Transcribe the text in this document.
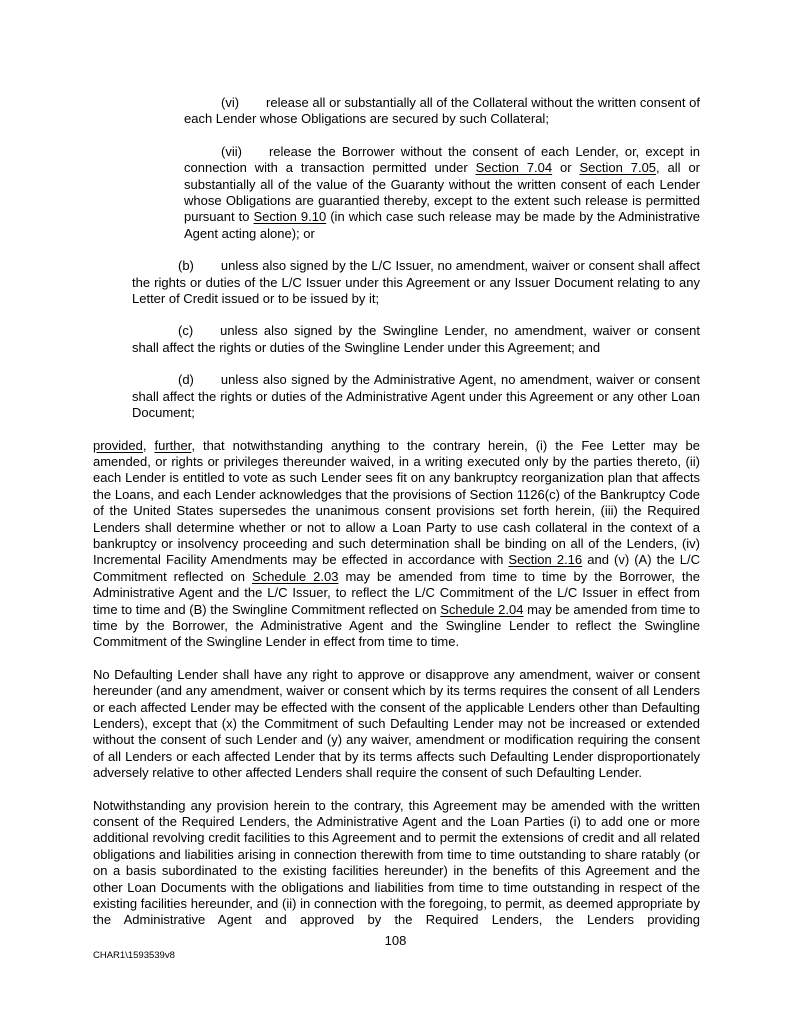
(vi) release all or substantially all of the Collateral without the written consent of each Lender whose Obligations are secured by such Collateral;

(vii) release the Borrower without the consent of each Lender, or, except in connection with a transaction permitted under Section 7.04 or Section 7.05, all or substantially all of the value of the Guaranty without the written consent of each Lender whose Obligations are guarantied thereby, except to the extent such release is permitted pursuant to Section 9.10 (in which case such release may be made by the Administrative Agent acting alone); or

(b) unless also signed by the L/C Issuer, no amendment, waiver or consent shall affect the rights or duties of the L/C Issuer under this Agreement or any Issuer Document relating to any Letter of Credit issued or to be issued by it;

(c) unless also signed by the Swingline Lender, no amendment, waiver or consent shall affect the rights or duties of the Swingline Lender under this Agreement; and

(d) unless also signed by the Administrative Agent, no amendment, waiver or consent shall affect the rights or duties of the Administrative Agent under this Agreement or any other Loan Document;

provided, further, that notwithstanding anything to the contrary herein, (i) the Fee Letter may be amended, or rights or privileges thereunder waived, in a writing executed only by the parties thereto, (ii) each Lender is entitled to vote as such Lender sees fit on any bankruptcy reorganization plan that affects the Loans, and each Lender acknowledges that the provisions of Section 1126(c) of the Bankruptcy Code of the United States supersedes the unanimous consent provisions set forth herein, (iii) the Required Lenders shall determine whether or not to allow a Loan Party to use cash collateral in the context of a bankruptcy or insolvency proceeding and such determination shall be binding on all of the Lenders, (iv) Incremental Facility Amendments may be effected in accordance with Section 2.16 and (v) (A) the L/C Commitment reflected on Schedule 2.03 may be amended from time to time by the Borrower, the Administrative Agent and the L/C Issuer, to reflect the L/C Commitment of the L/C Issuer in effect from time to time and (B) the Swingline Commitment reflected on Schedule 2.04 may be amended from time to time by the Borrower, the Administrative Agent and the Swingline Lender to reflect the Swingline Commitment of the Swingline Lender in effect from time to time.

No Defaulting Lender shall have any right to approve or disapprove any amendment, waiver or consent hereunder (and any amendment, waiver or consent which by its terms requires the consent of all Lenders or each affected Lender may be effected with the consent of the applicable Lenders other than Defaulting Lenders), except that (x) the Commitment of such Defaulting Lender may not be increased or extended without the consent of such Lender and (y) any waiver, amendment or modification requiring the consent of all Lenders or each affected Lender that by its terms affects such Defaulting Lender disproportionately adversely relative to other affected Lenders shall require the consent of such Defaulting Lender.

Notwithstanding any provision herein to the contrary, this Agreement may be amended with the written consent of the Required Lenders, the Administrative Agent and the Loan Parties (i) to add one or more additional revolving credit facilities to this Agreement and to permit the extensions of credit and all related obligations and liabilities arising in connection therewith from time to time outstanding to share ratably (or on a basis subordinated to the existing facilities hereunder) in the benefits of this Agreement and the other Loan Documents with the obligations and liabilities from time to time outstanding in respect of the existing facilities hereunder, and (ii) in connection with the foregoing, to permit, as deemed appropriate by the Administrative Agent and approved by the Required Lenders, the Lenders providing

108
CHAR1\1593539v8
